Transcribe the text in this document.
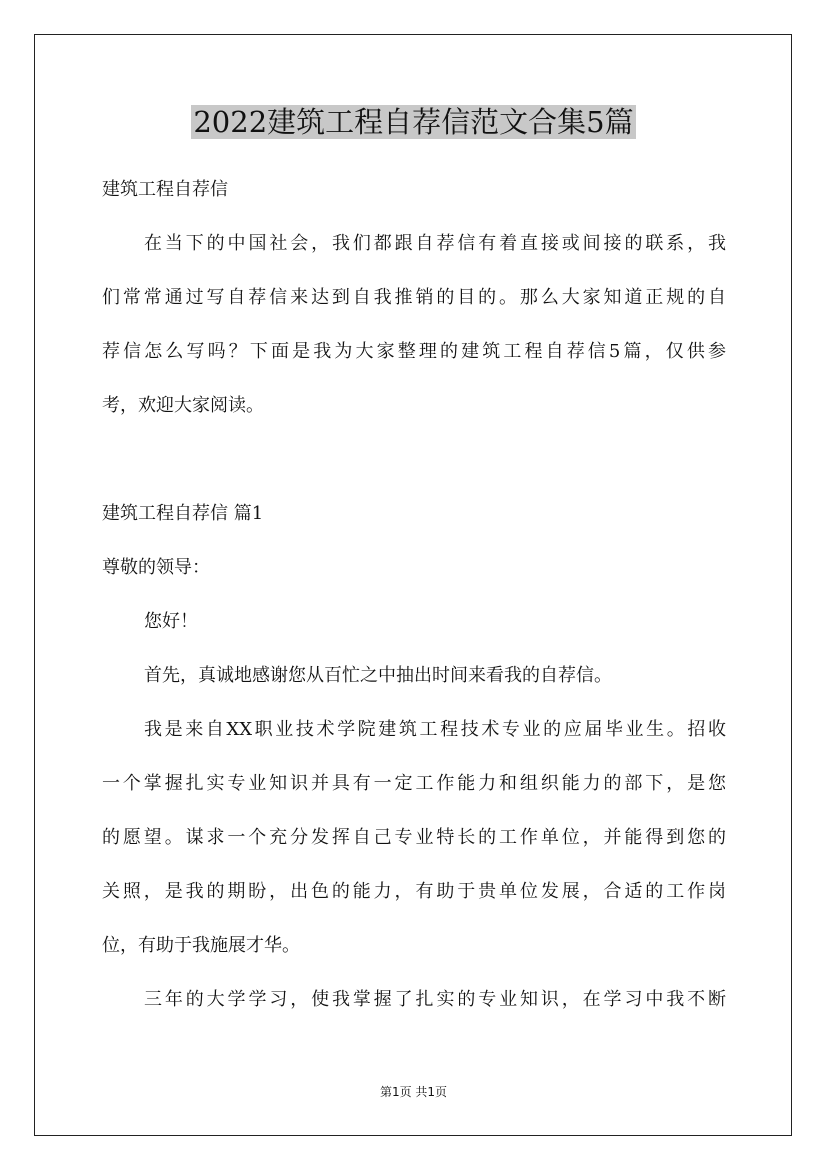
2022建筑工程自荐信范文合集5篇

建筑工程自荐信

在当下的中国社会，我们都跟自荐信有着直接或间接的联系，我

们常常通过写自荐信来达到自我推销的目的。那么大家知道正规的自

荐信怎么写吗？下面是我为大家整理的建筑工程自荐信5篇，仅供参

考，欢迎大家阅读。

建筑工程自荐信 篇1

尊敬的领导：

您好！

首先，真诚地感谢您从百忙之中抽出时间来看我的自荐信。

我是来自XX职业技术学院建筑工程技术专业的应届毕业生。招收

一个掌握扎实专业知识并具有一定工作能力和组织能力的部下，是您

的愿望。谋求一个充分发挥自己专业特长的工作单位，并能得到您的

关照，是我的期盼，出色的能力，有助于贵单位发展，合适的工作岗

位，有助于我施展才华。

三年的大学学习，使我掌握了扎实的专业知识，在学习中我不断

第1页 共1页
